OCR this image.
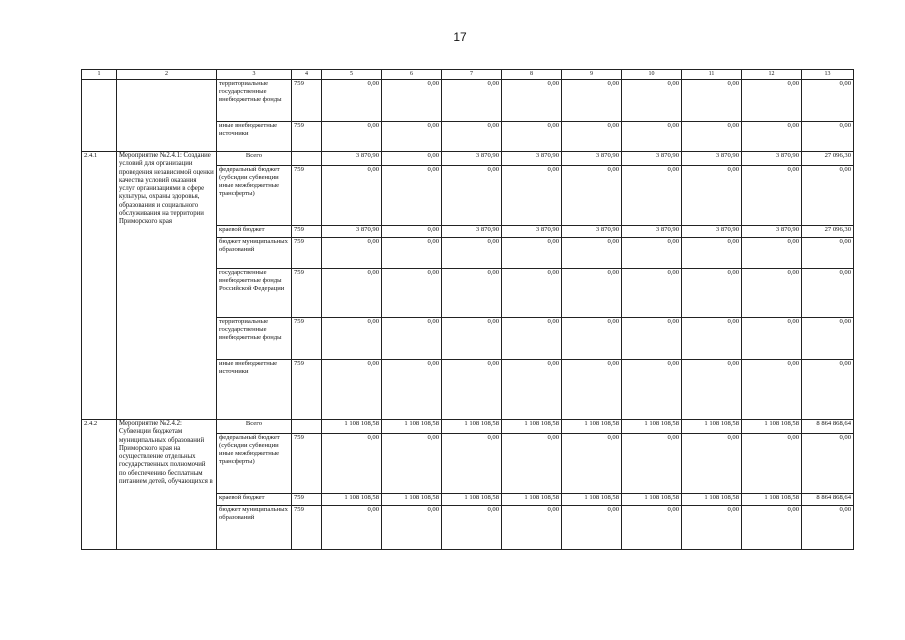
17
1	2	3	4	5	6	7	8	9	10	11	12	13
		территориальные государственные внебюджетные фонды	759	0,00	0,00	0,00	0,00	0,00	0,00	0,00	0,00	0,00
		иные внебюджетные источники	759	0,00	0,00	0,00	0,00	0,00	0,00	0,00	0,00	0,00
2.4.1	Мероприятие №2.4.1: Создание условий для организации проведения независимой оценки качества условий оказания услуг организациями в сфере культуры, охраны здоровья, образования и социального обслуживания на территории Приморского края	Всего		3 870,90	0,00	3 870,90	3 870,90	3 870,90	3 870,90	3 870,90	3 870,90	27 096,30
		федеральный бюджет (субсидии субвенции иные межбюджетные трансферты)	759	0,00	0,00	0,00	0,00	0,00	0,00	0,00	0,00	0,00
		краевой бюджет	759	3 870,90	0,00	3 870,90	3 870,90	3 870,90	3 870,90	3 870,90	3 870,90	27 096,30
		бюджет муниципальных образований	759	0,00	0,00	0,00	0,00	0,00	0,00	0,00	0,00	0,00
		государственные внебюджетные фонды Российской Федерации	759	0,00	0,00	0,00	0,00	0,00	0,00	0,00	0,00	0,00
		территориальные государственные внебюджетные фонды	759	0,00	0,00	0,00	0,00	0,00	0,00	0,00	0,00	0,00
		иные внебюджетные источники	759	0,00	0,00	0,00	0,00	0,00	0,00	0,00	0,00	0,00
2.4.2	Мероприятие №2.4.2: Субвенции бюджетам муниципальных образований Приморского края на осуществление отдельных государственных полномочий по обеспечению бесплатным питанием детей, обучающихся в	Всего		1 108 108,58	1 108 108,58	1 108 108,58	1 108 108,58	1 108 108,58	1 108 108,58	1 108 108,58	1 108 108,58	8 864 868,64
		федеральный бюджет (субсидии субвенции иные межбюджетные трансферты)	759	0,00	0,00	0,00	0,00	0,00	0,00	0,00	0,00	0,00
		краевой бюджет	759	1 108 108,58	1 108 108,58	1 108 108,58	1 108 108,58	1 108 108,58	1 108 108,58	1 108 108,58	1 108 108,58	8 864 868,64
		бюджет муниципальных образований	759	0,00	0,00	0,00	0,00	0,00	0,00	0,00	0,00	0,00
